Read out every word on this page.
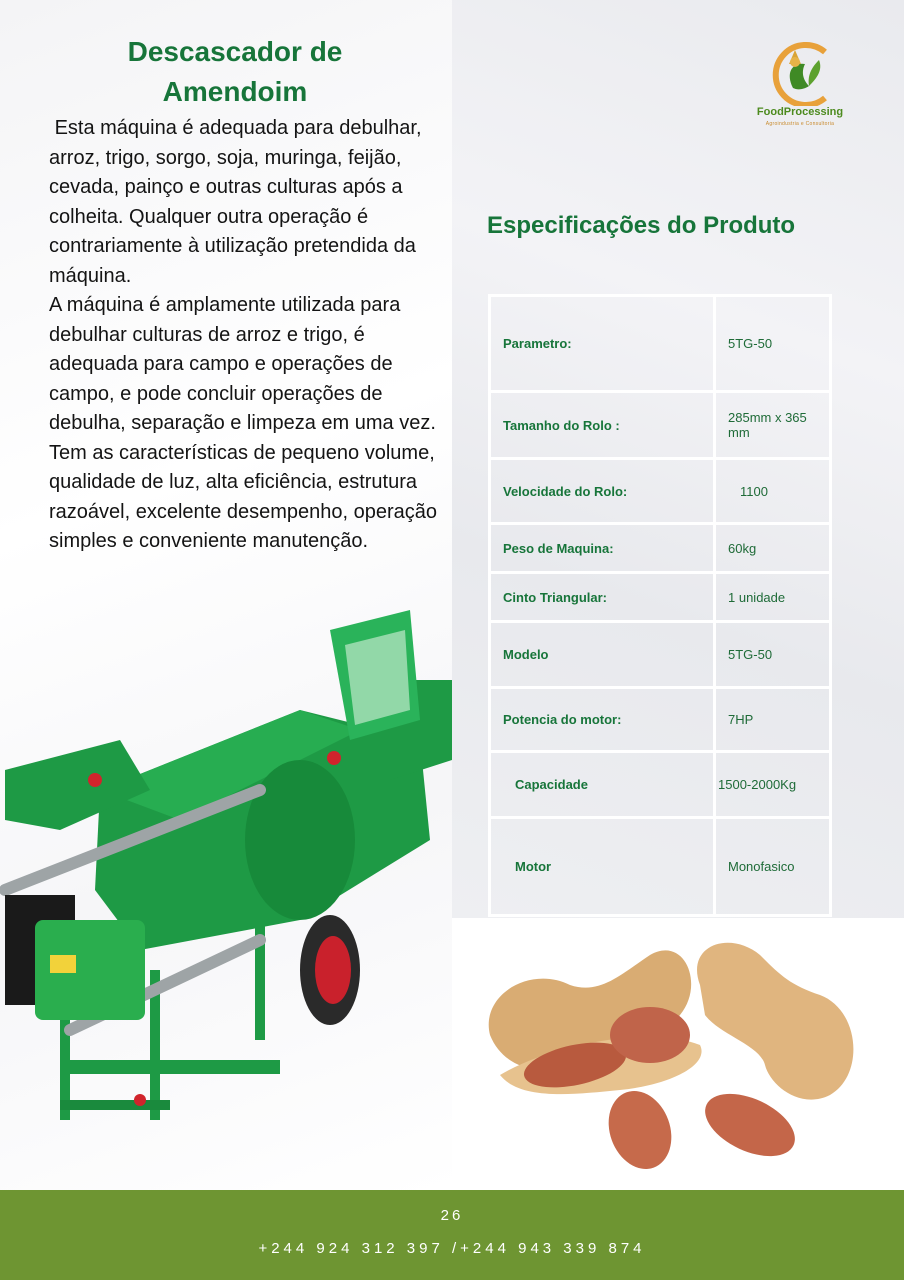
Descascador de Amendoim

Esta máquina é adequada para debulhar, arroz, trigo, sorgo, soja, muringa, feijão, cevada, painço e outras culturas após a colheita. Qualquer outra operação é contrariamente à utilização pretendida da máquina.

A máquina é amplamente utilizada para debulhar culturas de arroz e trigo, é adequada para campo e operações de campo, e pode concluir operações de debulha, separação e limpeza em uma vez. Tem as características de pequeno volume, qualidade de luz, alta eficiência, estrutura razoável, excelente desempenho, operação simples e conveniente manutenção.

FoodProcessing
Agroindustria e Consultoria
Especificações do Produto
Parametro:	5TG-50
Tamanho do Rolo :	285mm x 365 mm
Velocidade do Rolo:	1100
Peso de Maquina:	60kg
Cinto Triangular:	1 unidade
Modelo	5TG-50
Potencia do motor:	7HP
Capacidade	1500-2000Kg
Motor	Monofasico
26
+244 924 312 397 /+244 943 339 874
